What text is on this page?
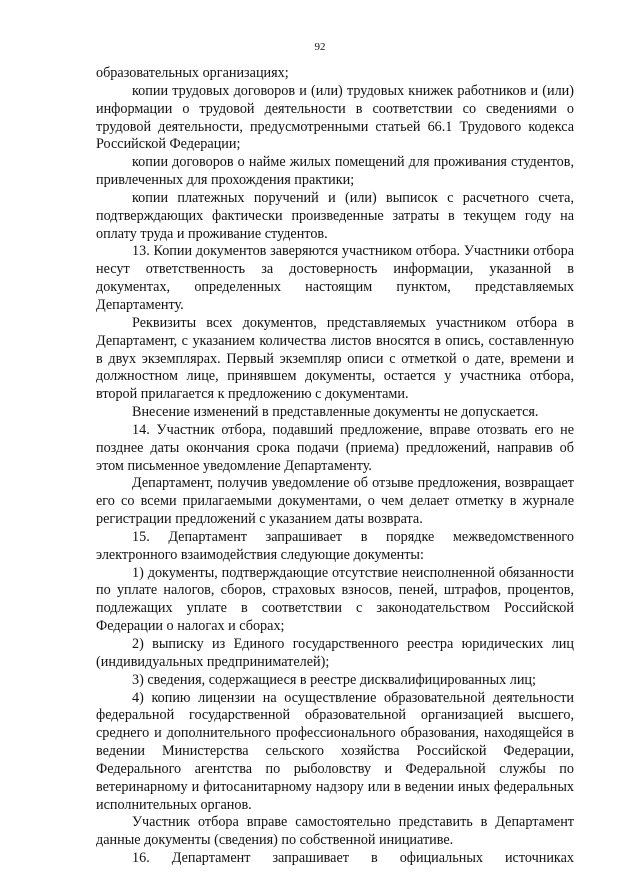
92

образовательных организациях;

копии трудовых договоров и (или) трудовых книжек работников и (или) информации о трудовой деятельности в соответствии со сведениями о трудовой деятельности, предусмотренными статьей 66.1 Трудового кодекса Российской Федерации;

копии договоров о найме жилых помещений для проживания студентов, привлеченных для прохождения практики;

копии платежных поручений и (или) выписок с расчетного счета, подтверждающих фактически произведенные затраты в текущем году на оплату труда и проживание студентов.

13. Копии документов заверяются участником отбора. Участники отбора несут ответственность за достоверность информации, указанной в документах, определенных настоящим пунктом, представляемых Департаменту.

Реквизиты всех документов, представляемых участником отбора в Департамент, с указанием количества листов вносятся в опись, составленную в двух экземплярах. Первый экземпляр описи с отметкой о дате, времени и должностном лице, принявшем документы, остается у участника отбора, второй прилагается к предложению с документами.

Внесение изменений в представленные документы не допускается.

14. Участник отбора, подавший предложение, вправе отозвать его не позднее даты окончания срока подачи (приема) предложений, направив об этом письменное уведомление Департаменту.

Департамент, получив уведомление об отзыве предложения, возвращает его со всеми прилагаемыми документами, о чем делает отметку в журнале регистрации предложений с указанием даты возврата.

15. Департамент запрашивает в порядке межведомственного электронного взаимодействия следующие документы:

1) документы, подтверждающие отсутствие неисполненной обязанности по уплате налогов, сборов, страховых взносов, пеней, штрафов, процентов, подлежащих уплате в соответствии с законодательством Российской Федерации о налогах и сборах;

2) выписку из Единого государственного реестра юридических лиц (индивидуальных предпринимателей);

3) сведения, содержащиеся в реестре дисквалифицированных лиц;

4) копию лицензии на осуществление образовательной деятельности федеральной государственной образовательной организацией высшего, среднего и дополнительного профессионального образования, находящейся в ведении Министерства сельского хозяйства Российской Федерации, Федерального агентства по рыболовству и Федеральной службы по ветеринарному и фитосанитарному надзору или в ведении иных федеральных исполнительных органов.

Участник отбора вправе самостоятельно представить в Департамент данные документы (сведения) по собственной инициативе.

16. Департамент запрашивает в официальных источниках
